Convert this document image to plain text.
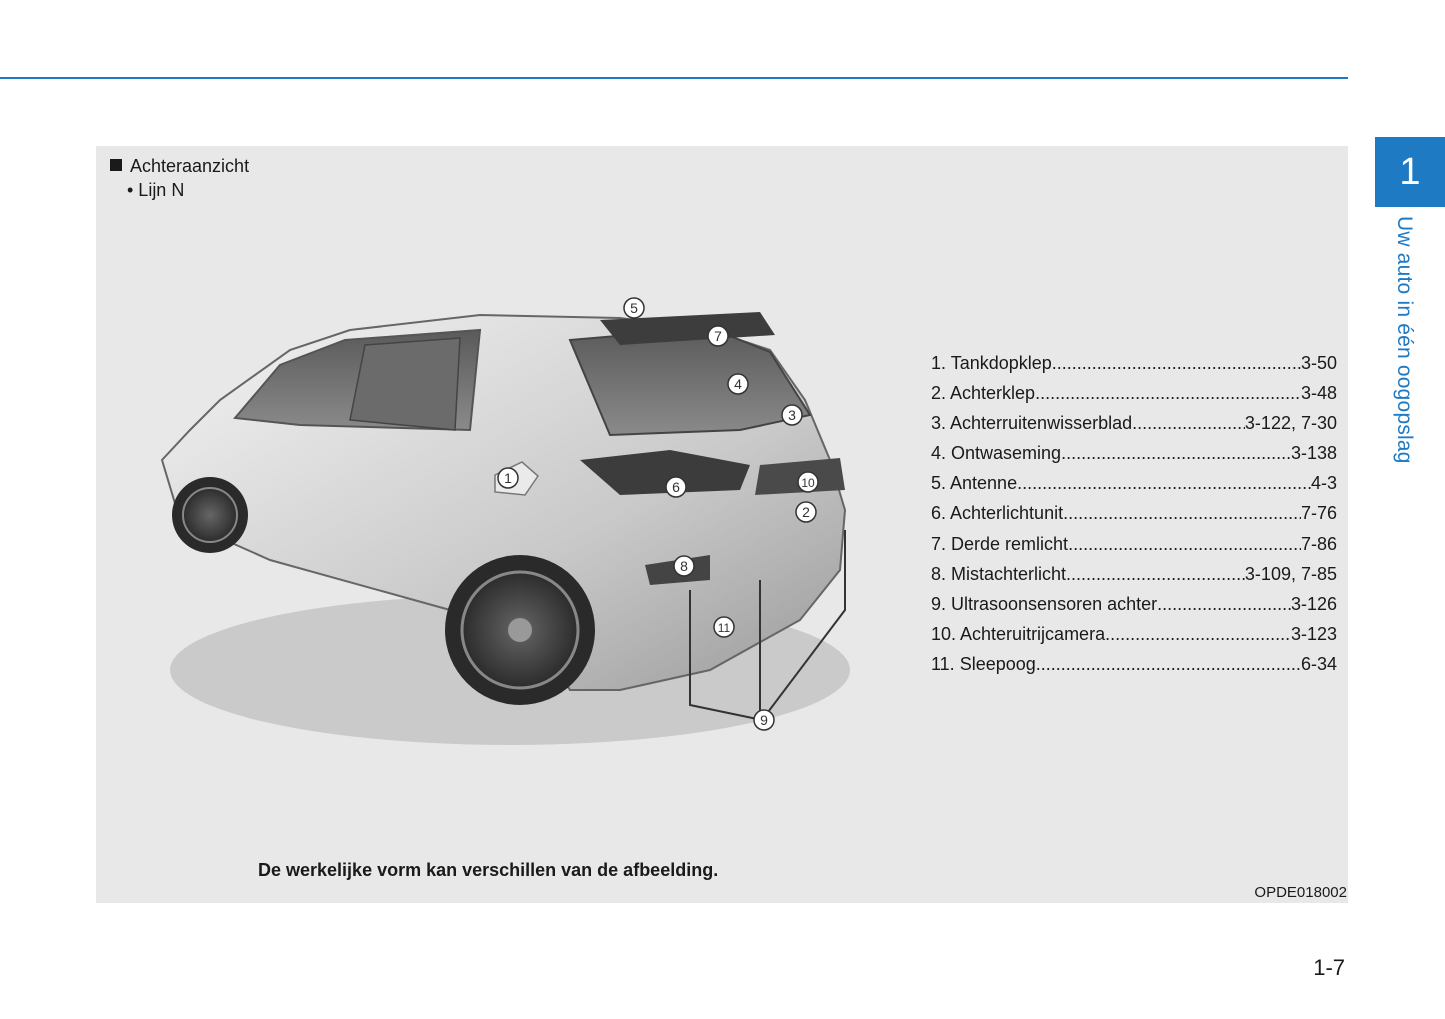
1
Uw auto in één oogopslag
Achteraanzicht
• Lijn N
1
2
3
4
5
6
7
8
9
10
11
1. Tankdopklep .....	3-50
2. Achterklep .....	3-48
3. Achterruitenwisserblad .....	3-122, 7-30
4. Ontwaseming .....	3-138
5. Antenne .....	4-3
6. Achterlichtunit .....	7-76
7. Derde remlicht .....	7-86
8. Mistachterlicht .....	3-109, 7-85
9. Ultrasoonsensoren achter .....	3-126
10. Achteruitrijcamera .....	3-123
11. Sleepoog .....	6-34
De werkelijke vorm kan verschillen van de afbeelding.
OPDE018002
1-7
